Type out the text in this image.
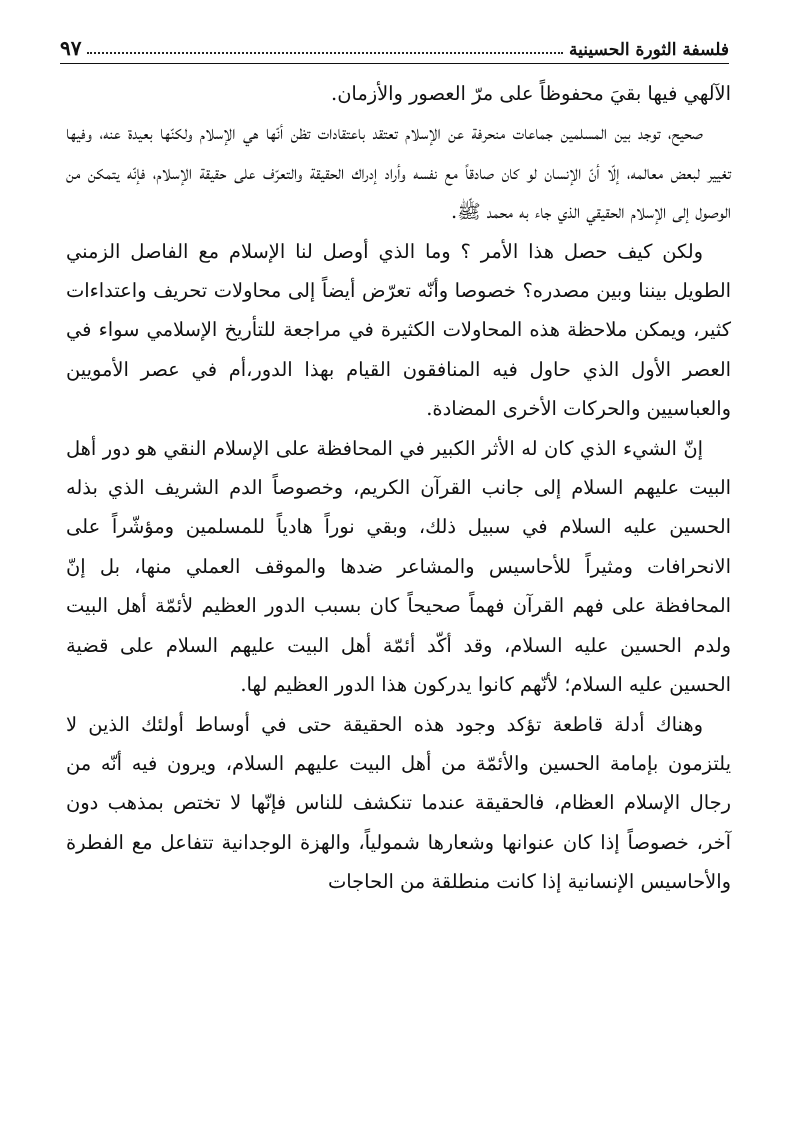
فلسفة الثورة الحسينية
٩٧

الآلهي فيها بقيَ محفوظاً على مرّ العصور والأزمان.

صحيح، توجد بين المسلمين جماعات منحرفة عن الإسلام تعتقد باعتقادات تظن أنّها هي الإسلام ولكنّها بعيدة عنه، وفيها تغيير لبعض معالمه، إلّا أنّ الإنسان لو كان صادقاً مع نفسه وأراد إدراك الحقيقة والتعرّف على حقيقة الإسلام، فإنّه يتمكن من الوصول إلى الإسلام الحقيقي الذي جاء به محمد ﷺ.

ولكن كيف حصل هذا الأمر ؟ وما الذي أوصل لنا الإسلام مع الفاصل الزمني الطويل بيننا وبين مصدره؟ خصوصا وأنّه تعرّض أيضاً إلى محاولات تحريف واعتداءات كثير، ويمكن ملاحظة هذه المحاولات الكثيرة في مراجعة للتأريخ الإسلامي سواء في العصر الأول الذي حاول فيه المنافقون القيام بهذا الدور،أم في عصر الأمويين والعباسيين والحركات الأخرى المضادة.

إنّ الشيء الذي كان له الأثر الكبير في المحافظة على الإسلام النقي هو دور أهل البيت عليهم السلام إلى جانب القرآن الكريم، وخصوصاً الدم الشريف الذي بذله الحسين عليه السلام في سبيل ذلك، وبقي نوراً هادياً للمسلمين ومؤشّراً على الانحرافات ومثيراً للأحاسيس والمشاعر ضدها والموقف العملي منها، بل إنّ المحافظة على فهم القرآن فهماً صحيحاً كان بسبب الدور العظيم لأئمّة أهل البيت ولدم الحسين عليه السلام، وقد أكّد أئمّة أهل البيت عليهم السلام على قضية الحسين عليه السلام؛ لأنّهم كانوا يدركون هذا الدور العظيم لها.

وهناك أدلة قاطعة تؤكد وجود هذه الحقيقة حتى في أوساط أولئك الذين لا يلتزمون بإمامة الحسين والأئمّة من أهل البيت عليهم السلام، ويرون فيه أنّه من رجال الإسلام العظام، فالحقيقة عندما تنكشف للناس فإنّها لا تختص بمذهب دون آخر، خصوصاً إذا كان عنوانها وشعارها شمولياً، والهزة الوجدانية تتفاعل مع الفطرة والأحاسيس الإنسانية إذا كانت منطلقة من الحاجات
